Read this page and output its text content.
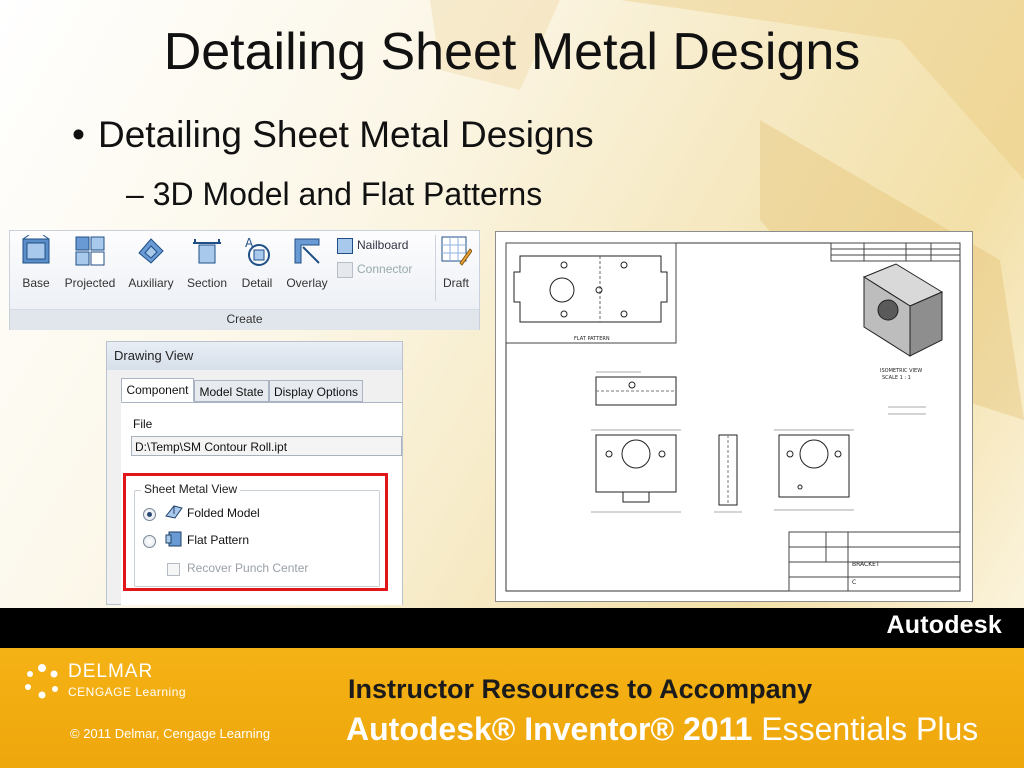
Detailing Sheet Metal Designs
• Detailing Sheet Metal Designs
– 3D Model and Flat Patterns
Base	Projected Auxiliary Section
A
Detail	Overlay
Nailboard
Connector
Draft
Create
Drawing View
Component Model State Display Options
File
D:\Temp\SM Contour Roll.ipt
Sheet Metal View
Folded Model
Flat Pattern
Recover Punch Center
FLAT PATTERN
ISOMETRIC VIEW
SCALE 1 : 1
BRACKET
C
Autodesk
DELMAR
CENGAGE Learning
© 2011 Delmar, Cengage Learning
Instructor Resources to Accompany
Autodesk® Inventor® 2011 Essentials Plus
